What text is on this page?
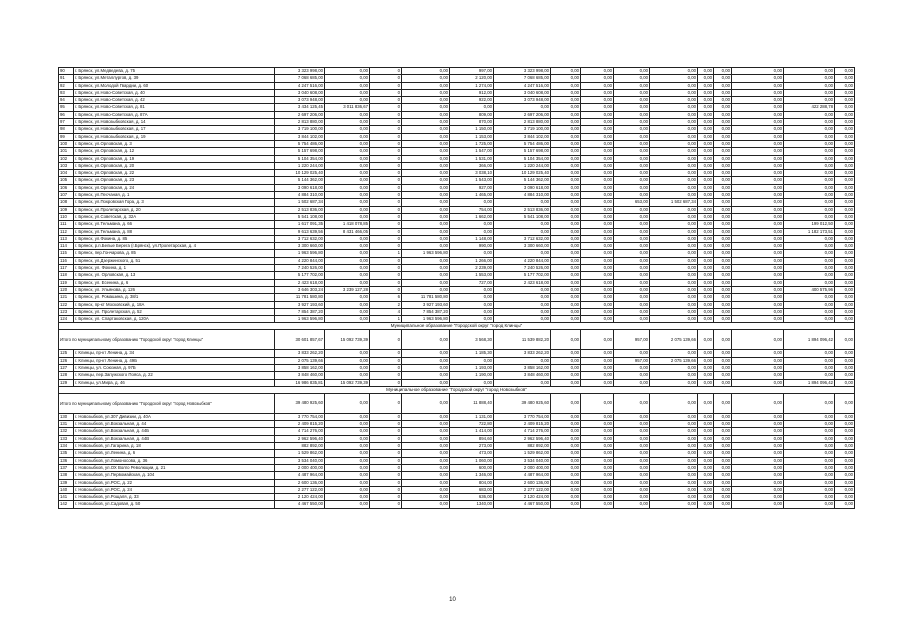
90	г. Брянск, ул.Медведева, д. 75	3 323 998,00	0,00	0	0,00	997,00	3 323 998,00	0,00	0,00	0,00	0,00	0,00	0,00	0,00	0,00	0,00
91	г. Брянск, ул.Металлургов, д. 39	7 068 685,00	0,00	0	0,00	2 120,00	7 068 685,00	0,00	0,00	0,00	0,00	0,00	0,00	0,00	0,00	0,00
92	г. Брянск, ул.Молодой Гвардии, д. 60	4 247 516,00	0,00	0	0,00	1 274,00	4 247 516,00	0,00	0,00	0,00	0,00	0,00	0,00	0,00	0,00	0,00
93	г. Брянск, ул.Ново-Советская, д. 40	3 040 608,00	0,00	0	0,00	912,00	3 040 608,00	0,00	0,00	0,00	0,00	0,00	0,00	0,00	0,00	0,00
94	г. Брянск, ул.Ново-Советская, д. 42	3 073 948,00	0,00	0	0,00	922,00	3 073 948,00	0,00	0,00	0,00	0,00	0,00	0,00	0,00	0,00	0,00
95	г. Брянск, ул.Ново-Советская, д. 81	3 434 125,45	3 011 836,67	0	0,00	0,00	0,00	0,00	0,00	0,00	0,00	0,00	0,00	0,00	422 288,78	0,00
96	г. Брянск, ул.Ново-Советская, д. 87А	2 697 206,00	0,00	0	0,00	809,00	2 697 206,00	0,00	0,00	0,00	0,00	0,00	0,00	0,00	0,00	0,00
97	г. Брянск, ул.Новозыбковская, д. 14	2 813 880,00	0,00	0	0,00	870,00	2 813 880,00	0,00	0,00	0,00	0,00	0,00	0,00	0,00	0,00	0,00
98	г. Брянск, ул.Новозыбковская, д. 17	3 719 100,00	0,00	0	0,00	1 150,00	3 719 100,00	0,00	0,00	0,00	0,00	0,00	0,00	0,00	0,00	0,00
99	г. Брянск, ул.Новозыбковская, д. 19	3 844 102,00	0,00	0	0,00	1 153,00	3 844 102,00	0,00	0,00	0,00	0,00	0,00	0,00	0,00	0,00	0,00
100	г. Брянск, ул.Орловская, д. 3	5 754 486,00	0,00	0	0,00	1 725,00	5 754 486,00	0,00	0,00	0,00	0,00	0,00	0,00	0,00	0,00	0,00
101	г. Брянск, ул.Орловская, д. 12	5 157 698,00	0,00	0	0,00	1 547,00	5 157 698,00	0,00	0,00	0,00	0,00	0,00	0,00	0,00	0,00	0,00
102	г. Брянск, ул.Орловская, д. 19	5 104 354,00	0,00	0	0,00	1 531,00	5 104 354,00	0,00	0,00	0,00	0,00	0,00	0,00	0,00	0,00	0,00
103	г. Брянск, ул.Орловская, д. 20	1 220 244,00	0,00	0	0,00	366,00	1 220 244,00	0,00	0,00	0,00	0,00	0,00	0,00	0,00	0,00	0,00
104	г. Брянск, ул.Орловская, д. 22	10 129 025,40	0,00	0	0,00	3 038,10	10 129 025,40	0,00	0,00	0,00	0,00	0,00	0,00	0,00	0,00	0,00
105	г. Брянск, ул.Орловская, д. 23	5 144 362,00	0,00	0	0,00	1 543,00	5 144 362,00	0,00	0,00	0,00	0,00	0,00	0,00	0,00	0,00	0,00
106	г. Брянск, ул.Орловская, д. 24	3 090 618,00	0,00	0	0,00	927,00	3 090 618,00	0,00	0,00	0,00	0,00	0,00	0,00	0,00	0,00	0,00
107	г. Брянск, ул.Песчаная, д. 1	4 884 310,00	0,00	0	0,00	1 465,00	4 884 310,00	0,00	0,00	0,00	0,00	0,00	0,00	0,00	0,00	0,00
108	г. Брянск, ул.Покровская Гора, д. 3	1 502 687,34	0,00	0	0,00	0,00	0,00	0,00	0,00	653,00	1 502 687,34	0,00	0,00	0,00	0,00	0,00
109	г. Брянск, ул.Пролетарская, д. 20	2 513 836,00	0,00	0	0,00	754,00	2 513 836,00	0,00	0,00	0,00	0,00	0,00	0,00	0,00	0,00	0,00
110	г. Брянск, ул.Советская, д. 32А	5 541 108,00	0,00	0	0,00	1 662,00	5 541 108,00	0,00	0,00	0,00	0,00	0,00	0,00	0,00	0,00	0,00
111	г. Брянск, ул.Тельмана, д. 66	1 617 091,35	1 418 078,85	0	0,00	0,00	0,00	0,00	0,00	0,00	0,00	0,00	0,00	0,00	199 012,50	0,00
112	г. Брянск, ул.Тельмана, д. 88	9 613 639,56	8 431 466,05	0	0,00	0,00	0,00	0,00	0,00	0,00	0,00	0,00	0,00	0,00	1 182 173,51	0,00
113	г. Брянск, ул.Фокина, д. 85	3 712 632,00	0,00	0	0,00	1 148,00	3 712 632,00	0,00	0,00	0,00	0,00	0,00	0,00	0,00	0,00	0,00
114	г. Брянск, р.п.Белые Берега (г.Брянск), ул.Пролетарская, д. 4	3 300 660,00	0,00	0	0,00	990,00	3 300 660,00	0,00	0,00	0,00	0,00	0,00	0,00	0,00	0,00	0,00
115	г. Брянск, пер.Гончарова, д. 85	1 963 596,80	0,00	1	1 963 596,80	0,00	0,00	0,00	0,00	0,00	0,00	0,00	0,00	0,00	0,00	0,00
116	г. Брянск, ул.Дзержинского, д. 51	4 220 844,00	0,00	0	0,00	1 266,00	4 220 844,00	0,00	0,00	0,00	0,00	0,00	0,00	0,00	0,00	0,00
117	г. Брянск, ул. Фокина, д. 1	7 240 526,00	0,00	0	0,00	2 239,00	7 240 526,00	0,00	0,00	0,00	0,00	0,00	0,00	0,00	0,00	0,00
118	г. Брянск, ул. Орловская, д. 13	5 177 702,00	0,00	0	0,00	1 553,00	5 177 702,00	0,00	0,00	0,00	0,00	0,00	0,00	0,00	0,00	0,00
119	г. Брянск, ул. Есенина, д. 6	2 423 618,00	0,00	0	0,00	727,00	2 423 618,00	0,00	0,00	0,00	0,00	0,00	0,00	0,00	0,00	0,00
120	г. Брянск, ул. Ульянова, д. 126	3 646 303,24	3 239 127,28	0	0,00	0,00	0,00	0,00	0,00	0,00	0,00	0,00	0,00	0,00	400 575,96	0,00
121	г. Брянск, ул. Ромашина, д. 38/1	11 781 580,80	0,00	6	11 781 580,80	0,00	0,00	0,00	0,00	0,00	0,00	0,00	0,00	0,00	0,00	0,00
122	г. Брянск, пр-кт Московский, д. 18А	3 927 193,60	0,00	2	3 927 193,60	0,00	0,00	0,00	0,00	0,00	0,00	0,00	0,00	0,00	0,00	0,00
123	г. Брянск, ул. Пролетарская, д. 52	7 854 387,20	0,00	4	7 854 387,20	0,00	0,00	0,00	0,00	0,00	0,00	0,00	0,00	0,00	0,00	0,00
124	г. Брянск, ул. Спартаковская, д. 120А	1 963 596,80	0,00	1	1 963 596,80	0,00	0,00	0,00	0,00	0,00	0,00	0,00	0,00	0,00	0,00	0,00
Муниципальное образование "Городской округ "город Клинцы"																
Итого по муниципальному образованию "Городской округ "город Клинцы"		30 601 857,67	15 092 739,39	0	0,00	3 568,30	11 539 882,20	0,00	0,00	957,00	2 075 139,66	0,00	0,00	0,00	1 894 096,42	0,00
125	г. Клинцы, пр-кт Ленина, д. 34	3 833 262,20	0,00	0	0,00	1 185,30	3 833 262,20	0,00	0,00	0,00	0,00	0,00	0,00	0,00	0,00	0,00
126	г. Клинцы, пр-кт Ленина, д. 49Б	2 075 139,66	0,00	0	0,00	0,00	0,00	0,00	0,00	957,00	2 075 139,66	0,00	0,00	0,00	0,00	0,00
127	г. Клинцы, ул. Союзная, д. 97Б	3 858 162,00	0,00	0	0,00	1 193,00	3 858 162,00	0,00	0,00	0,00	0,00	0,00	0,00	0,00	0,00	0,00
128	г. Клинцы, пер.Запужского Пояса, д. 22	3 848 460,00	0,00	0	0,00	1 190,00	3 848 460,00	0,00	0,00	0,00	0,00	0,00	0,00	0,00	0,00	0,00
129	г. Клинцы, ул.Мира, д. 46	16 986 835,81	15 092 739,39	0	0,00	0,00	0,00	0,00	0,00	0,00	0,00	0,00	0,00	0,00	1 894 096,42	0,00
Муниципальное образование "Городской округ "город Новозыбков"																
Итого по муниципальному образованию "Городской округ "город Новозыбков"		39 480 925,60	0,00	0	0,00	11 888,40	39 480 925,60	0,00	0,00	0,00	0,00	0,00	0,00	0,00	0,00	0,00
130	г. Новозыбков, ул.307 Дивизии, д. 40А	3 770 754,00	0,00	0	0,00	1 131,00	3 770 754,00	0,00	0,00	0,00	0,00	0,00	0,00	0,00	0,00	0,00
131	г. Новозыбков, ул.Вокзальная, д. 44	2 409 815,20	0,00	0	0,00	722,80	2 409 815,20	0,00	0,00	0,00	0,00	0,00	0,00	0,00	0,00	0,00
132	г. Новозыбков, ул.Вокзальная, д. 44Б	4 714 276,00	0,00	0	0,00	1 414,00	4 714 276,00	0,00	0,00	0,00	0,00	0,00	0,00	0,00	0,00	0,00
133	г. Новозыбков, ул.Вокзальная, д. 44В	2 962 596,40	0,00	0	0,00	894,60	2 962 596,40	0,00	0,00	0,00	0,00	0,00	0,00	0,00	0,00	0,00
134	г. Новозыбков, ул.Гагарина, д. 18	882 892,00	0,00	0	0,00	273,00	882 892,00	0,00	0,00	0,00	0,00	0,00	0,00	0,00	0,00	0,00
135	г. Новозыбков, ул.Ленина, д. 6	1 529 862,00	0,00	0	0,00	473,00	1 529 862,00	0,00	0,00	0,00	0,00	0,00	0,00	0,00	0,00	0,00
136	г. Новозыбков, ул.Ломоносова, д. 36	3 534 040,00	0,00	0	0,00	1 060,00	3 534 040,00	0,00	0,00	0,00	0,00	0,00	0,00	0,00	0,00	0,00
137	г. Новозыбков, ул.ОХ Волго Революции, д. 21	2 000 400,00	0,00	0	0,00	600,00	2 000 400,00	0,00	0,00	0,00	0,00	0,00	0,00	0,00	0,00	0,00
138	г. Новозыбков, ул.Первомайская, д. 104	4 487 964,00	0,00	0	0,00	1 346,00	4 487 964,00	0,00	0,00	0,00	0,00	0,00	0,00	0,00	0,00	0,00
139	г. Новозыбков, ул.РОС, д. 22	2 600 136,00	0,00	0	0,00	804,00	2 600 136,00	0,00	0,00	0,00	0,00	0,00	0,00	0,00	0,00	0,00
140	г. Новозыбков, ул.РОС, д. 24	2 277 122,00	0,00	0	0,00	683,00	2 277 122,00	0,00	0,00	0,00	0,00	0,00	0,00	0,00	0,00	0,00
141	г. Новозыбков, ул.Рощаля, д. 33	2 120 424,00	0,00	0	0,00	636,00	2 120 424,00	0,00	0,00	0,00	0,00	0,00	0,00	0,00	0,00	0,00
142	г. Новозыбков, ул.Садовая, д. 50	4 467 550,00	0,00	0	0,00	1340,00	4 467 550,00	0,00	0,00	0,00	0,00	0,00	0,00	0,00	0,00	0,00
10
